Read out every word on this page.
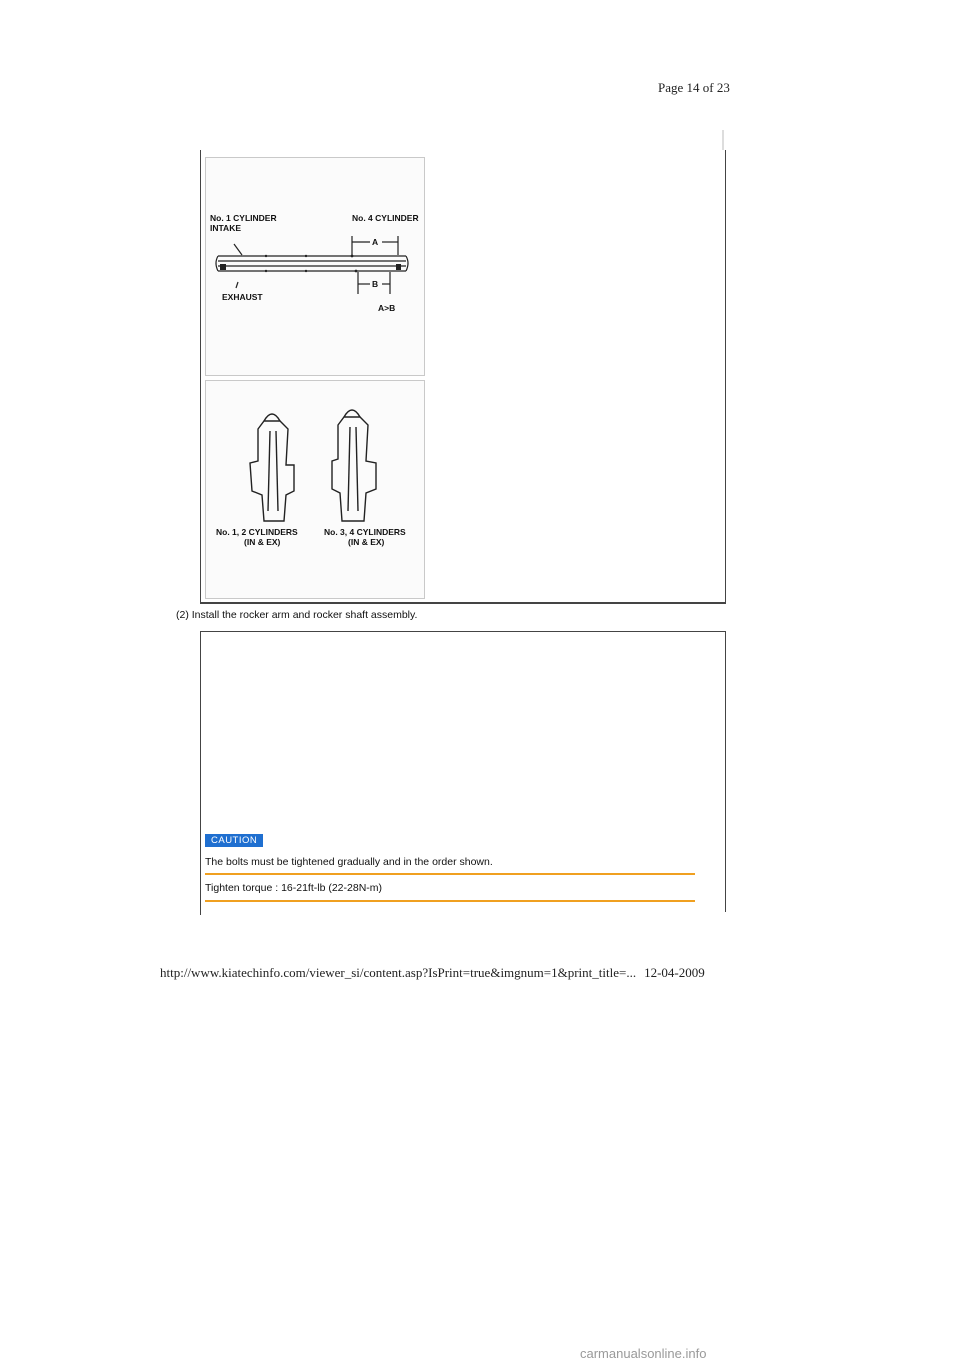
Page 14 of 23
No. 1 CYLINDER
INTAKE
No. 4 CYLINDER
EXHAUST
A
B
A>B
No. 1, 2 CYLINDERS
(IN & EX)
No. 3, 4 CYLINDERS
(IN & EX)
(2) Install the rocker arm and rocker shaft assembly.
CAUTION
The bolts must be tightened gradually and in the order shown.
Tighten torque : 16-21ft-lb (22-28N-m)
http://www.kiatechinfo.com/viewer_si/content.asp?IsPrint=true&imgnum=1&print_title=... 12-04-2009
carmanualsonline.info
